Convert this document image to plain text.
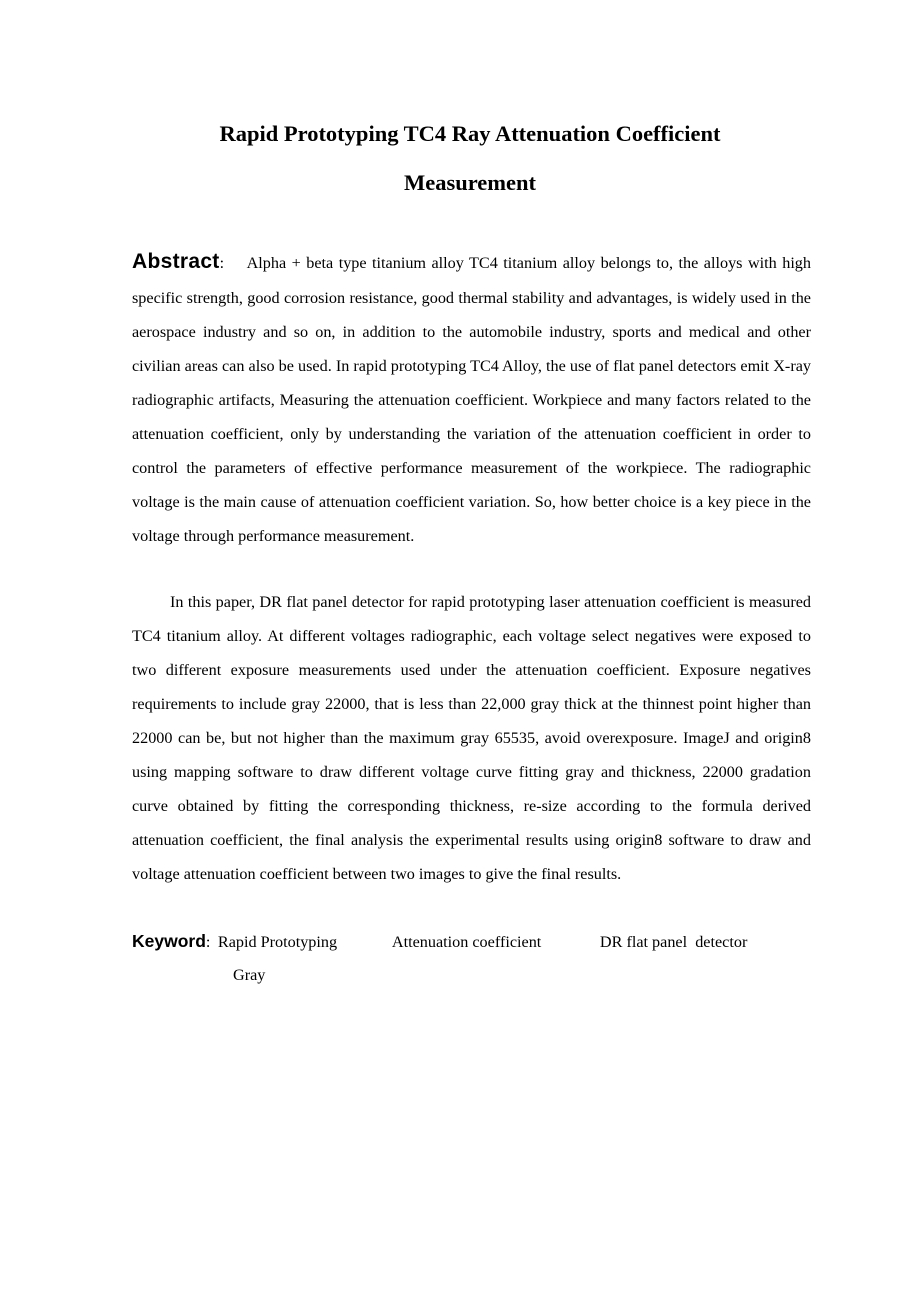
Rapid Prototyping TC4 Ray Attenuation Coefficient
Measurement

Abstract: Alpha + beta type titanium alloy TC4 titanium alloy belongs to, the alloys with high specific strength, good corrosion resistance, good thermal stability and advantages, is widely used in the aerospace industry and so on, in addition to the automobile industry, sports and medical and other civilian areas can also be used. In rapid prototyping TC4 Alloy, the use of flat panel detectors emit X-ray radiographic artifacts, Measuring the attenuation coefficient. Workpiece and many factors related to the attenuation coefficient, only by understanding the variation of the attenuation coefficient in order to control the parameters of effective performance measurement of the workpiece. The radiographic voltage is the main cause of attenuation coefficient variation. So, how better choice is a key piece in the voltage through performance measurement.

In this paper, DR flat panel detector for rapid prototyping laser attenuation coefficient is measured TC4 titanium alloy. At different voltages radiographic, each voltage select negatives were exposed to two different exposure measurements used under the attenuation coefficient. Exposure negatives requirements to include gray 22000, that is less than 22,000 gray thick at the thinnest point higher than 22000 can be, but not higher than the maximum gray 65535, avoid overexposure. ImageJ and origin8 using mapping software to draw different voltage curve fitting gray and thickness, 22000 gradation curve obtained by fitting the corresponding thickness, re-size according to the formula derived attenuation coefficient, the final analysis the experimental results using origin8 software to draw and voltage attenuation coefficient between two images to give the final results.

Keyword: Rapid Prototyping	Attenuation coefficient	DR flat panel  detector
Gray
